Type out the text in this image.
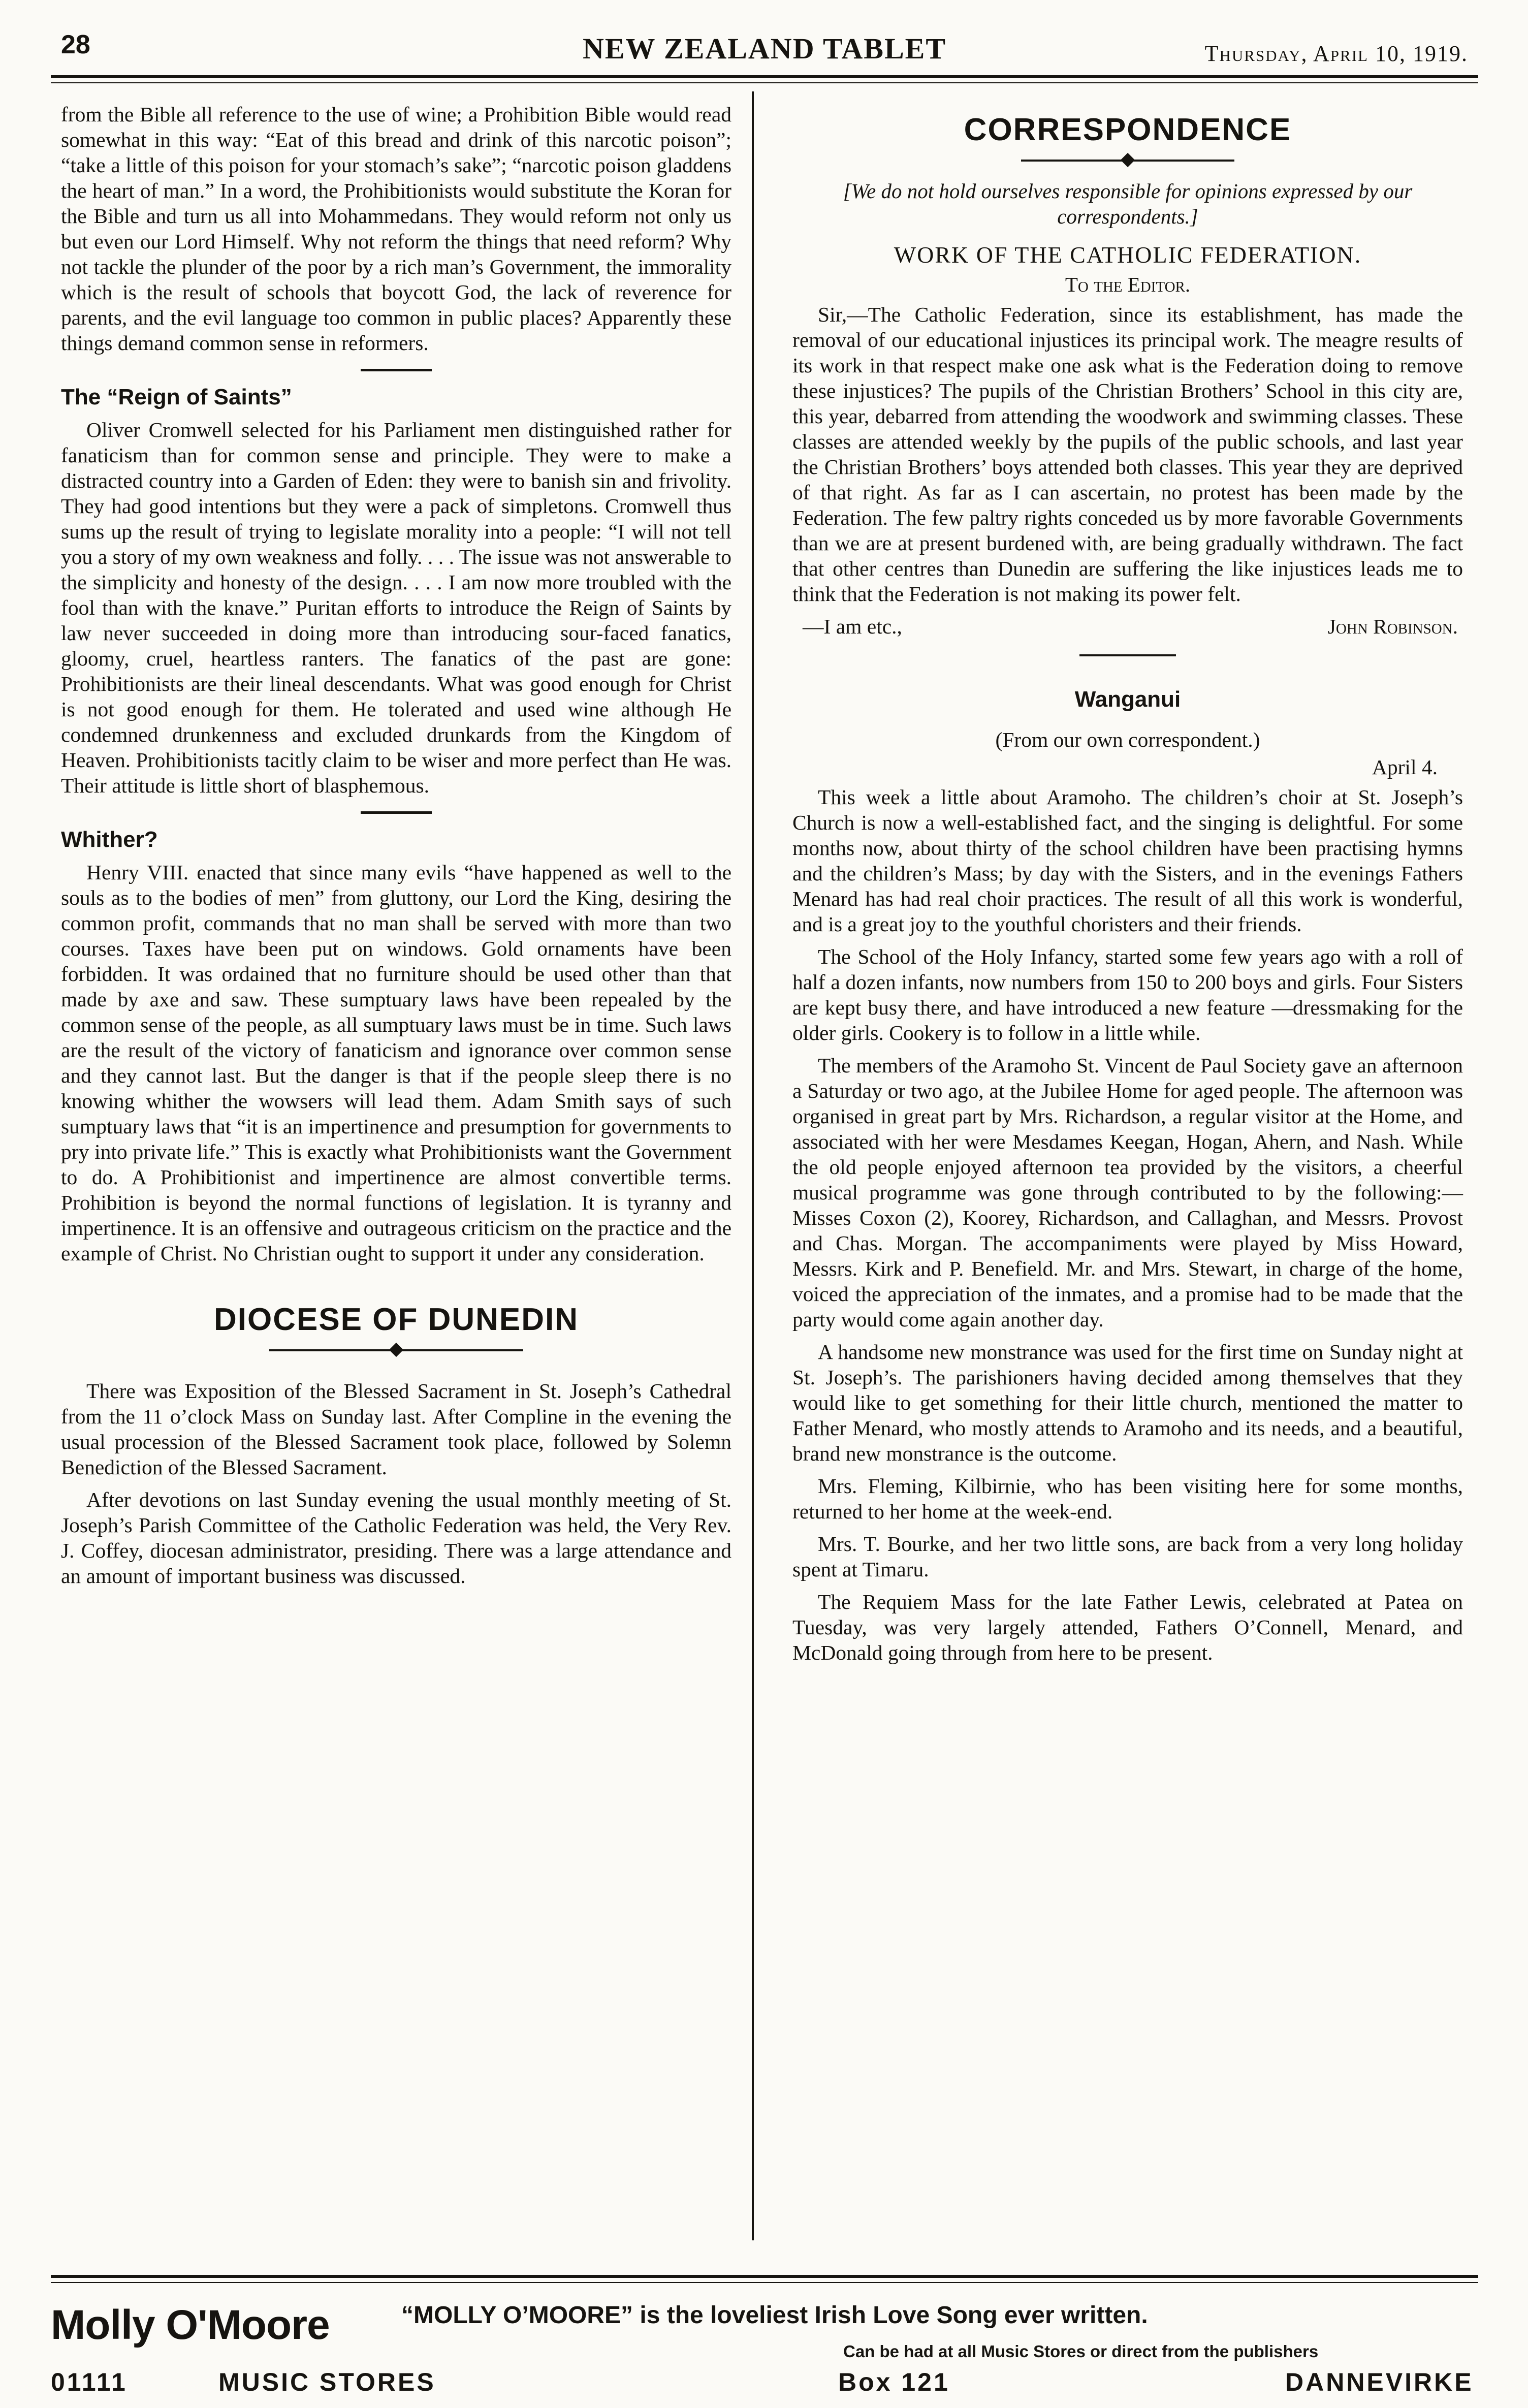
28	NEW ZEALAND TABLET	Thursday, April 10, 1919.

from the Bible all reference to the use of wine; a Prohibition Bible would read somewhat in this way: “Eat of this bread and drink of this narcotic poison”; “take a little of this poison for your stomach’s sake”; “narcotic poison gladdens the heart of man.” In a word, the Prohibitionists would substitute the Koran for the Bible and turn us all into Mohammedans. They would reform not only us but even our Lord Himself. Why not reform the things that need reform? Why not tackle the plunder of the poor by a rich man’s Government, the immorality which is the result of schools that boycott God, the lack of reverence for parents, and the evil language too common in public places? Apparently these things demand common sense in reformers.

The “Reign of Saints”

Oliver Cromwell selected for his Parliament men distinguished rather for fanaticism than for common sense and principle. They were to make a distracted country into a Garden of Eden: they were to banish sin and frivolity. They had good intentions but they were a pack of simpletons. Cromwell thus sums up the result of trying to legislate morality into a people: “I will not tell you a story of my own weakness and folly. . . . The issue was not answerable to the simplicity and honesty of the design. . . . I am now more troubled with the fool than with the knave.” Puritan efforts to introduce the Reign of Saints by law never succeeded in doing more than introducing sour-faced fanatics, gloomy, cruel, heartless ranters. The fanatics of the past are gone: Prohibitionists are their lineal descendants. What was good enough for Christ is not good enough for them. He tolerated and used wine although He condemned drunkenness and excluded drunkards from the Kingdom of Heaven. Prohibitionists tacitly claim to be wiser and more perfect than He was. Their attitude is little short of blasphemous.

Whither?

Henry VIII. enacted that since many evils “have happened as well to the souls as to the bodies of men” from gluttony, our Lord the King, desiring the common profit, commands that no man shall be served with more than two courses. Taxes have been put on windows. Gold ornaments have been forbidden. It was ordained that no furniture should be used other than that made by axe and saw. These sumptuary laws have been repealed by the common sense of the people, as all sumptuary laws must be in time. Such laws are the result of the victory of fanaticism and ignorance over common sense and they cannot last. But the danger is that if the people sleep there is no knowing whither the wowsers will lead them. Adam Smith says of such sumptuary laws that “it is an impertinence and presumption for governments to pry into private life.” This is exactly what Prohibitionists want the Government to do. A Prohibitionist and impertinence are almost convertible terms. Prohibition is beyond the normal functions of legislation. It is tyranny and impertinence. It is an offensive and outrageous criticism on the practice and the example of Christ. No Christian ought to support it under any consideration.

DIOCESE OF DUNEDIN

There was Exposition of the Blessed Sacrament in St. Joseph’s Cathedral from the 11 o’clock Mass on Sunday last. After Compline in the evening the usual procession of the Blessed Sacrament took place, followed by Solemn Benediction of the Blessed Sacrament.

After devotions on last Sunday evening the usual monthly meeting of St. Joseph’s Parish Committee of the Catholic Federation was held, the Very Rev. J. Coffey, diocesan administrator, presiding. There was a large attendance and an amount of important business was discussed.

CORRESPONDENCE
[We do not hold ourselves responsible for opinions expressed by our correspondents.]
WORK OF THE CATHOLIC FEDERATION.
To the Editor.

Sir,—The Catholic Federation, since its establishment, has made the removal of our educational injustices its principal work. The meagre results of its work in that respect make one ask what is the Federation doing to remove these injustices? The pupils of the Christian Brothers’ School in this city are, this year, debarred from attending the woodwork and swimming classes. These classes are attended weekly by the pupils of the public schools, and last year the Christian Brothers’ boys attended both classes. This year they are deprived of that right. As far as I can ascertain, no protest has been made by the Federation. The few paltry rights conceded us by more favorable Governments than we are at present burdened with, are being gradually withdrawn. The fact that other centres than Dunedin are suffering the like injustices leads me to think that the Federation is not making its power felt.

—I am etc.,	John Robinson.
Wanganui
(From our own correspondent.)
April 4.

This week a little about Aramoho. The children’s choir at St. Joseph’s Church is now a well-established fact, and the singing is delightful. For some months now, about thirty of the school children have been practising hymns and the children’s Mass; by day with the Sisters, and in the evenings Fathers Menard has had real choir practices. The result of all this work is wonderful, and is a great joy to the youthful choristers and their friends.

The School of the Holy Infancy, started some few years ago with a roll of half a dozen infants, now numbers from 150 to 200 boys and girls. Four Sisters are kept busy there, and have introduced a new feature —dressmaking for the older girls. Cookery is to follow in a little while.

The members of the Aramoho St. Vincent de Paul Society gave an afternoon a Saturday or two ago, at the Jubilee Home for aged people. The afternoon was organised in great part by Mrs. Richardson, a regular visitor at the Home, and associated with her were Mesdames Keegan, Hogan, Ahern, and Nash. While the old people enjoyed afternoon tea provided by the visitors, a cheerful musical programme was gone through contributed to by the following:—Misses Coxon (2), Koorey, Richardson, and Callaghan, and Messrs. Provost and Chas. Morgan. The accompaniments were played by Miss Howard, Messrs. Kirk and P. Benefield. Mr. and Mrs. Stewart, in charge of the home, voiced the appreciation of the inmates, and a promise had to be made that the party would come again another day.

A handsome new monstrance was used for the first time on Sunday night at St. Joseph’s. The parishioners having decided among themselves that they would like to get something for their little church, mentioned the matter to Father Menard, who mostly attends to Aramoho and its needs, and a beautiful, brand new monstrance is the outcome.

Mrs. Fleming, Kilbirnie, who has been visiting here for some months, returned to her home at the week-end.

Mrs. T. Bourke, and her two little sons, are back from a very long holiday spent at Timaru.

The Requiem Mass for the late Father Lewis, celebrated at Patea on Tuesday, was very largely attended, Fathers O’Connell, Menard, and McDonald going through from here to be present.

Molly O'Moore	“MOLLY O’MOORE” is the loveliest Irish Love Song ever written.
Can be had at all Music Stores or direct from the publishers
01111	MUSIC STORES	Box 121	DANNEVIRKE
